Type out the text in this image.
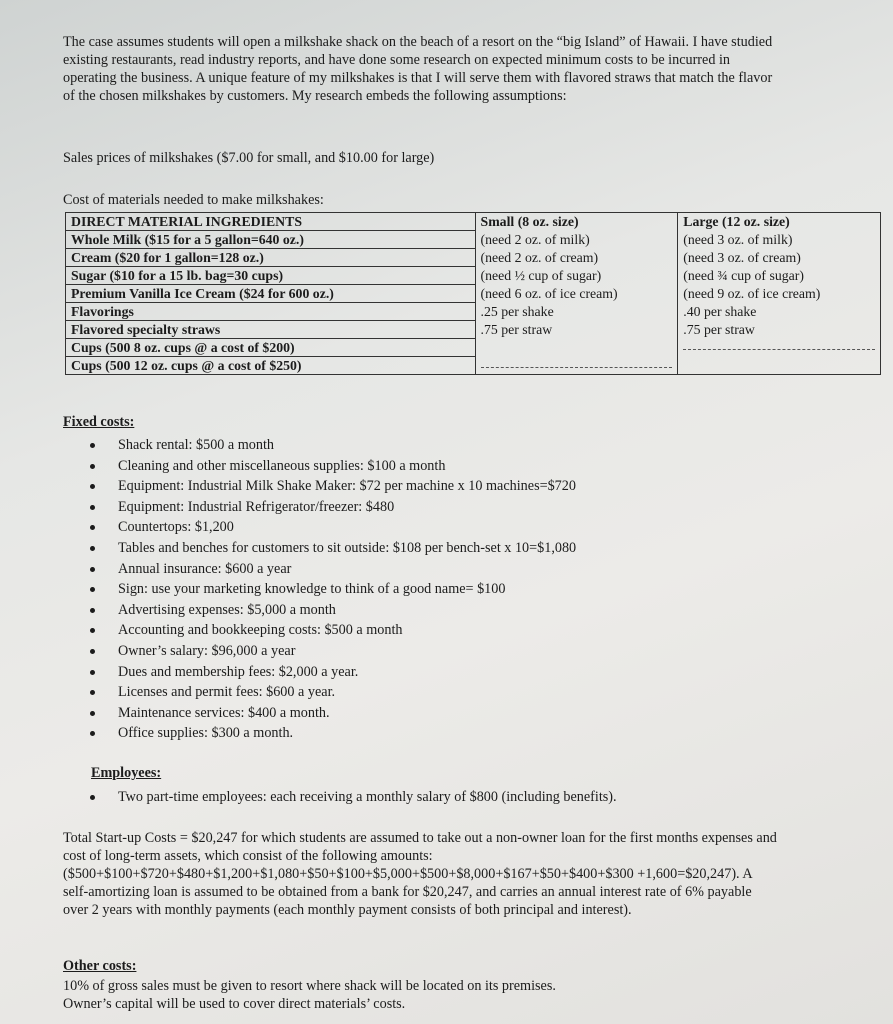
The case assumes students will open a milkshake shack on the beach of a resort on the “big Island” of Hawaii. I have studied existing restaurants, read industry reports, and have done some research on expected minimum costs to be incurred in operating the business. A unique feature of my milkshakes is that I will serve them with flavored straws that match the flavor of the chosen milkshakes by customers. My research embeds the following assumptions:

Sales prices of milkshakes ($7.00 for small, and $10.00 for large)

Cost of materials needed to make milkshakes:

DIRECT MATERIAL INGREDIENTS	Small (8 oz. size)	Large (12 oz. size)
Whole Milk ($15 for a 5 gallon=640 oz.)	(need 2 oz. of milk)	(need 3 oz. of milk)
Cream ($20 for 1 gallon=128 oz.)	(need 2 oz. of cream)	(need 3 oz. of cream)
Sugar ($10 for a 15 lb. bag=30 cups)	(need ½ cup of sugar)	(need ¾ cup of sugar)
Premium Vanilla Ice Cream ($24 for 600 oz.)	(need 6 oz. of ice cream)	(need 9 oz. of ice cream)
Flavorings	.25 per shake	.40 per shake
Flavored specialty straws	.75 per straw	.75 per straw
Cups (500 8 oz. cups @ a cost of $200)		

Cups (500 12 oz. cups @ a cost of $250)	

Fixed costs:

Shack rental: $500 a month
Cleaning and other miscellaneous supplies: $100 a month
Equipment: Industrial Milk Shake Maker: $72 per machine x 10 machines=$720
Equipment: Industrial Refrigerator/freezer: $480
Countertops: $1,200
Tables and benches for customers to sit outside: $108 per bench-set x 10=$1,080
Annual insurance: $600 a year
Sign: use your marketing knowledge to think of a good name= $100
Advertising expenses: $5,000 a month
Accounting and bookkeeping costs: $500 a month
Owner’s salary: $96,000 a year
Dues and membership fees: $2,000 a year.
Licenses and permit fees: $600 a year.
Maintenance services: $400 a month.
Office supplies: $300 a month.

Employees:

Two part-time employees: each receiving a monthly salary of $800 (including benefits).

Total Start-up Costs = $20,247 for which students are assumed to take out a non-owner loan for the first months expenses and cost of long-term assets, which consist of the following amounts: ($500+$100+$720+$480+$1,200+$1,080+$50+$100+$5,000+$500+$8,000+$167+$50+$400+$300 +1,600=$20,247). A self-amortizing loan is assumed to be obtained from a bank for $20,247, and carries an annual interest rate of 6% payable over 2 years with monthly payments (each monthly payment consists of both principal and interest).

Other costs:

10% of gross sales must be given to resort where shack will be located on its premises.
Owner’s capital will be used to cover direct materials’ costs.
